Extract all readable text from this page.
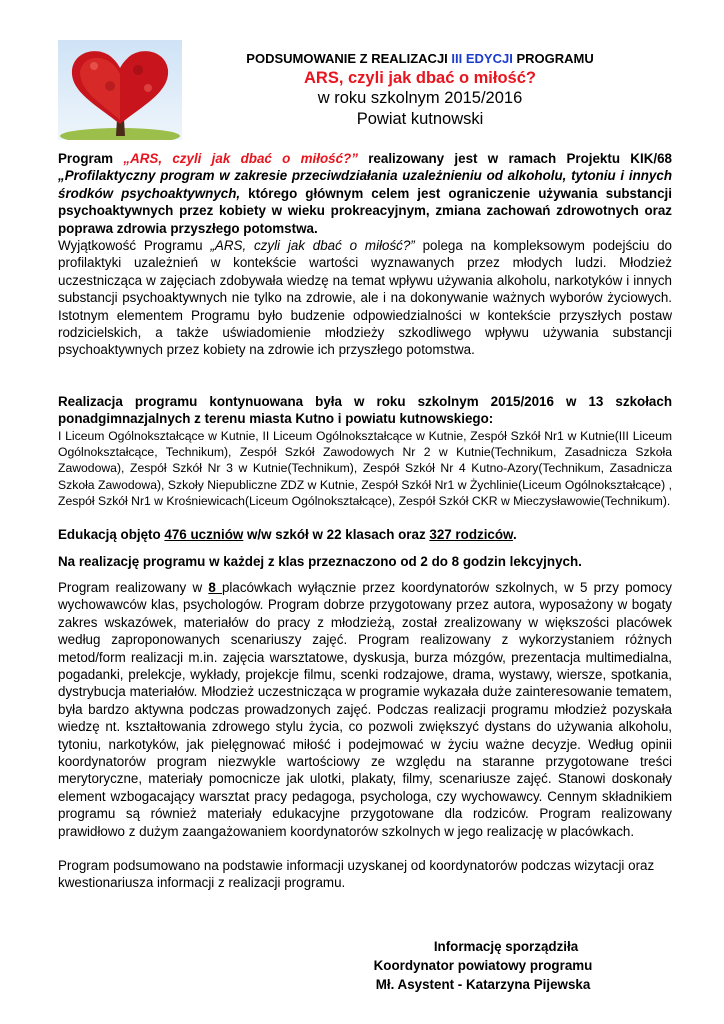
PODSUMOWANIE Z REALIZACJI III EDYCJI PROGRAMU
ARS, czyli jak dbać o miłość?
w roku szkolnym 2015/2016
Powiat kutnowski

Program „ARS, czyli jak dbać o miłość?” realizowany jest w ramach Projektu KIK/68 „Profilaktyczny program w zakresie przeciwdziałania uzależnieniu od alkoholu, tytoniu i innych środków psychoaktywnych, którego głównym celem jest ograniczenie używania substancji psychoaktywnych przez kobiety w wieku prokreacyjnym, zmiana zachowań zdrowotnych oraz poprawa zdrowia przyszłego potomstwa.

Wyjątkowość Programu „ARS, czyli jak dbać o miłość?” polega na kompleksowym podejściu do profilaktyki uzależnień w kontekście wartości wyznawanych przez młodych ludzi. Młodzież uczestnicząca w zajęciach zdobywała wiedzę na temat wpływu używania alkoholu, narkotyków i innych substancji psychoaktywnych nie tylko na zdrowie, ale i na dokonywanie ważnych wyborów życiowych. Istotnym elementem Programu było budzenie odpowiedzialności w kontekście przyszłych postaw rodzicielskich, a także uświadomienie młodzieży szkodliwego wpływu używania substancji psychoaktywnych przez kobiety na zdrowie ich przyszłego potomstwa.

Realizacja programu kontynuowana była w roku szkolnym 2015/2016 w 13 szkołach ponadgimnazjalnych z terenu miasta Kutno i powiatu kutnowskiego:

I Liceum Ogólnokształcące w Kutnie, II Liceum Ogólnokształcące w Kutnie, Zespół Szkół Nr1 w Kutnie(III Liceum Ogólnokształcące, Technikum), Zespół Szkół Zawodowych Nr 2 w Kutnie(Technikum, Zasadnicza Szkoła Zawodowa), Zespół Szkół Nr 3 w Kutnie(Technikum), Zespół Szkół Nr 4 Kutno-Azory(Technikum, Zasadnicza Szkoła Zawodowa), Szkoły Niepubliczne ZDZ w Kutnie, Zespół Szkół Nr1 w Żychlinie(Liceum Ogólnokształcące) , Zespół Szkół Nr1 w Krośniewicach(Liceum Ogólnokształcące), Zespół Szkół CKR w Mieczysławowie(Technikum).

Edukacją objęto 476 uczniów w/w szkół w 22 klasach oraz 327 rodziców.

Na realizację programu w każdej z klas przeznaczono od 2 do 8 godzin lekcyjnych.

Program realizowany w 8 placówkach wyłącznie przez koordynatorów szkolnych, w 5 przy pomocy wychowawców klas, psychologów. Program dobrze przygotowany przez autora, wyposażony w bogaty zakres wskazówek, materiałów do pracy z młodzieżą, został zrealizowany w większości placówek według zaproponowanych scenariuszy zajęć. Program realizowany z wykorzystaniem różnych metod/form realizacji m.in. zajęcia warsztatowe, dyskusja, burza mózgów, prezentacja multimedialna, pogadanki, prelekcje, wykłady, projekcje filmu, scenki rodzajowe, drama, wystawy, wiersze, spotkania, dystrybucja materiałów. Młodzież uczestnicząca w programie wykazała duże zainteresowanie tematem, była bardzo aktywna podczas prowadzonych zajęć. Podczas realizacji programu młodzież pozyskała wiedzę nt. kształtowania zdrowego stylu życia, co pozwoli zwiększyć dystans do używania alkoholu, tytoniu, narkotyków, jak pielęgnować miłość i podejmować w życiu ważne decyzje. Według opinii koordynatorów program niezwykle wartościowy ze względu na staranne przygotowane treści merytoryczne, materiały pomocnicze jak ulotki, plakaty, filmy, scenariusze zajęć. Stanowi doskonały element wzbogacający warsztat pracy pedagoga, psychologa, czy wychowawcy. Cennym składnikiem programu są również materiały edukacyjne przygotowane dla rodziców. Program realizowany prawidłowo z dużym zaangażowaniem koordynatorów szkolnych w jego realizację w placówkach.

Program podsumowano na podstawie informacji uzyskanej od koordynatorów podczas wizytacji oraz kwestionariusza informacji z realizacji programu.

Informację sporządziła
Koordynator powiatowy programu
Mł. Asystent - Katarzyna Pijewska
